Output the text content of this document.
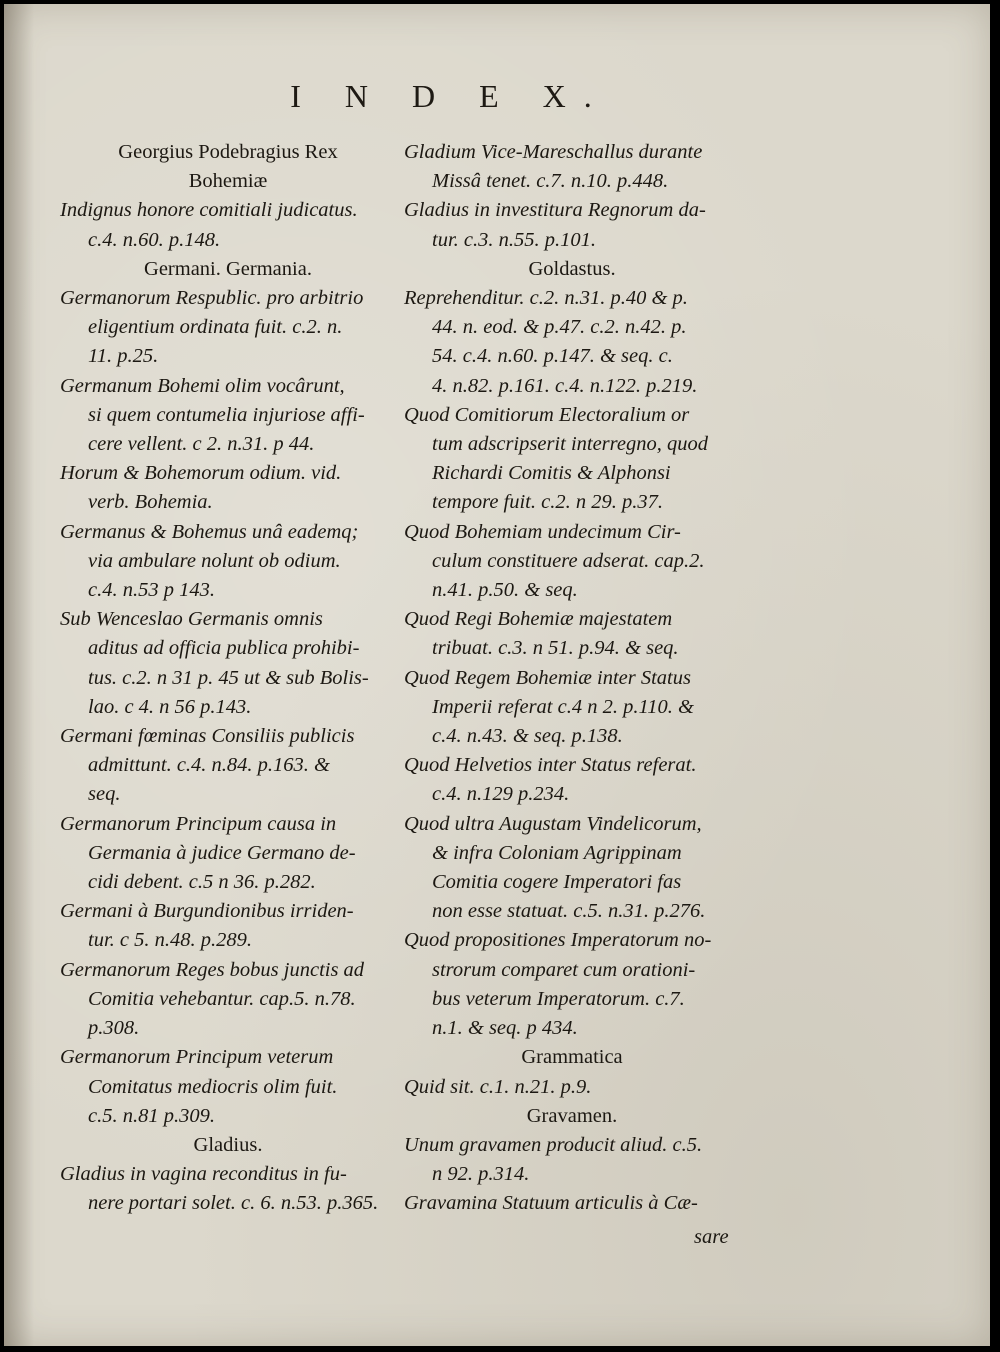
I N D E X.
Georgius Podebragius Rex
Bohemiæ
Indignus honore comitiali judicatus.
c.4. n.60. p.148.
Germani. Germania.
Germanorum Respublic. pro arbitrio
eligentium ordinata fuit. c.2. n.
11. p.25.
Germanum Bohemi olim vocârunt,
si quem contumelia injuriose affi-
cere vellent. c 2. n.31. p 44.
Horum & Bohemorum odium. vid.
verb. Bohemia.
Germanus & Bohemus unâ eademq;
via ambulare nolunt ob odium.
c.4. n.53 p 143.
Sub Wenceslao Germanis omnis
aditus ad officia publica prohibi-
tus. c.2. n 31 p. 45 ut & sub Bolis-
lao. c 4. n 56 p.143.
Germani fœminas Consiliis publicis
admittunt. c.4. n.84. p.163. &
seq.
Germanorum Principum causa in
Germania à judice Germano de-
cidi debent. c.5 n 36. p.282.
Germani à Burgundionibus irriden-
tur. c 5. n.48. p.289.
Germanorum Reges bobus junctis ad
Comitia vehebantur. cap.5. n.78.
p.308.
Germanorum Principum veterum
Comitatus mediocris olim fuit.
c.5. n.81 p.309.
Gladius.
Gladius in vagina reconditus in fu-
nere portari solet. c. 6. n.53. p.365.
Gladium Vice-Mareschallus durante
Missâ tenet. c.7. n.10. p.448.
Gladius in investitura Regnorum da-
tur. c.3. n.55. p.101.
Goldastus.
Reprehenditur. c.2. n.31. p.40 & p.
44. n. eod. & p.47. c.2. n.42. p.
54. c.4. n.60. p.147. & seq. c.
4. n.82. p.161. c.4. n.122. p.219.
Quod Comitiorum Electoralium or
tum adscripserit interregno, quod
Richardi Comitis & Alphonsi
tempore fuit. c.2. n 29. p.37.
Quod Bohemiam undecimum Cir-
culum constituere adserat. cap.2.
n.41. p.50. & seq.
Quod Regi Bohemiæ majestatem
tribuat. c.3. n 51. p.94. & seq.
Quod Regem Bohemiæ inter Status
Imperii referat c.4 n 2. p.110. &
c.4. n.43. & seq. p.138.
Quod Helvetios inter Status referat.
c.4. n.129 p.234.
Quod ultra Augustam Vindelicorum,
& infra Coloniam Agrippinam
Comitia cogere Imperatori fas
non esse statuat. c.5. n.31. p.276.
Quod propositiones Imperatorum no-
strorum comparet cum orationi-
bus veterum Imperatorum. c.7.
n.1. & seq. p 434.
Grammatica
Quid sit. c.1. n.21. p.9.
Gravamen.
Unum gravamen producit aliud. c.5.
n 92. p.314.
Gravamina Statuum articulis à Cæ-
sare
